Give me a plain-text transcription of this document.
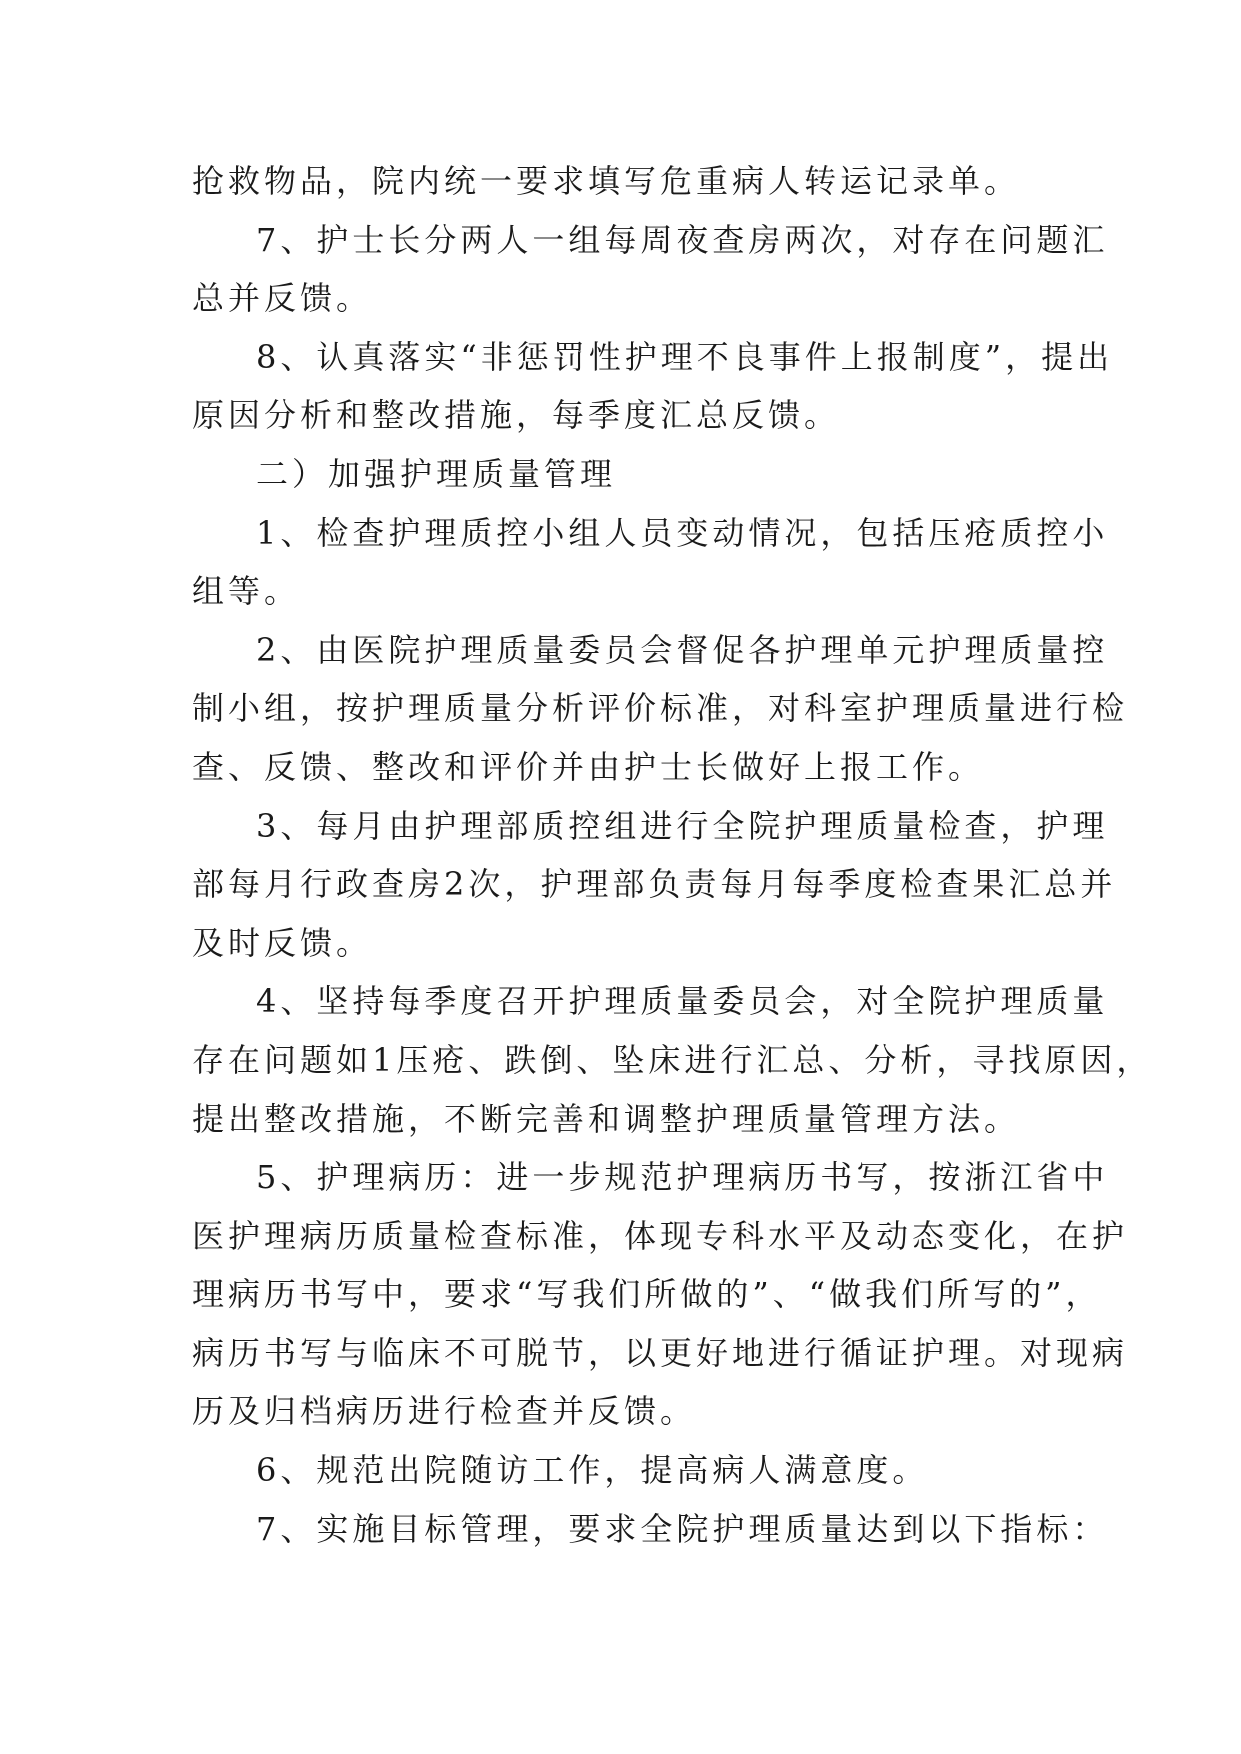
抢救物品，院内统一要求填写危重病人转运记录单。
7、护士长分两人一组每周夜查房两次，对存在问题汇
总并反馈。
8、认真落实“非惩罚性护理不良事件上报制度”，提出
原因分析和整改措施，每季度汇总反馈。
二）加强护理质量管理
1、检查护理质控小组人员变动情况，包括压疮质控小
组等。
2、由医院护理质量委员会督促各护理单元护理质量控
制小组，按护理质量分析评价标准，对科室护理质量进行检
查、反馈、整改和评价并由护士长做好上报工作。
3、每月由护理部质控组进行全院护理质量检查，护理
部每月行政查房2次，护理部负责每月每季度检查果汇总并
及时反馈。
4、坚持每季度召开护理质量委员会，对全院护理质量
存在问题如1压疮、跌倒、坠床进行汇总、分析，寻找原因，
提出整改措施，不断完善和调整护理质量管理方法。
5、护理病历：进一步规范护理病历书写，按浙江省中
医护理病历质量检查标准，体现专科水平及动态变化，在护
理病历书写中，要求“写我们所做的”、“做我们所写的”，
病历书写与临床不可脱节，以更好地进行循证护理。对现病
历及归档病历进行检查并反馈。
6、规范出院随访工作，提高病人满意度。
7、实施目标管理，要求全院护理质量达到以下指标：
